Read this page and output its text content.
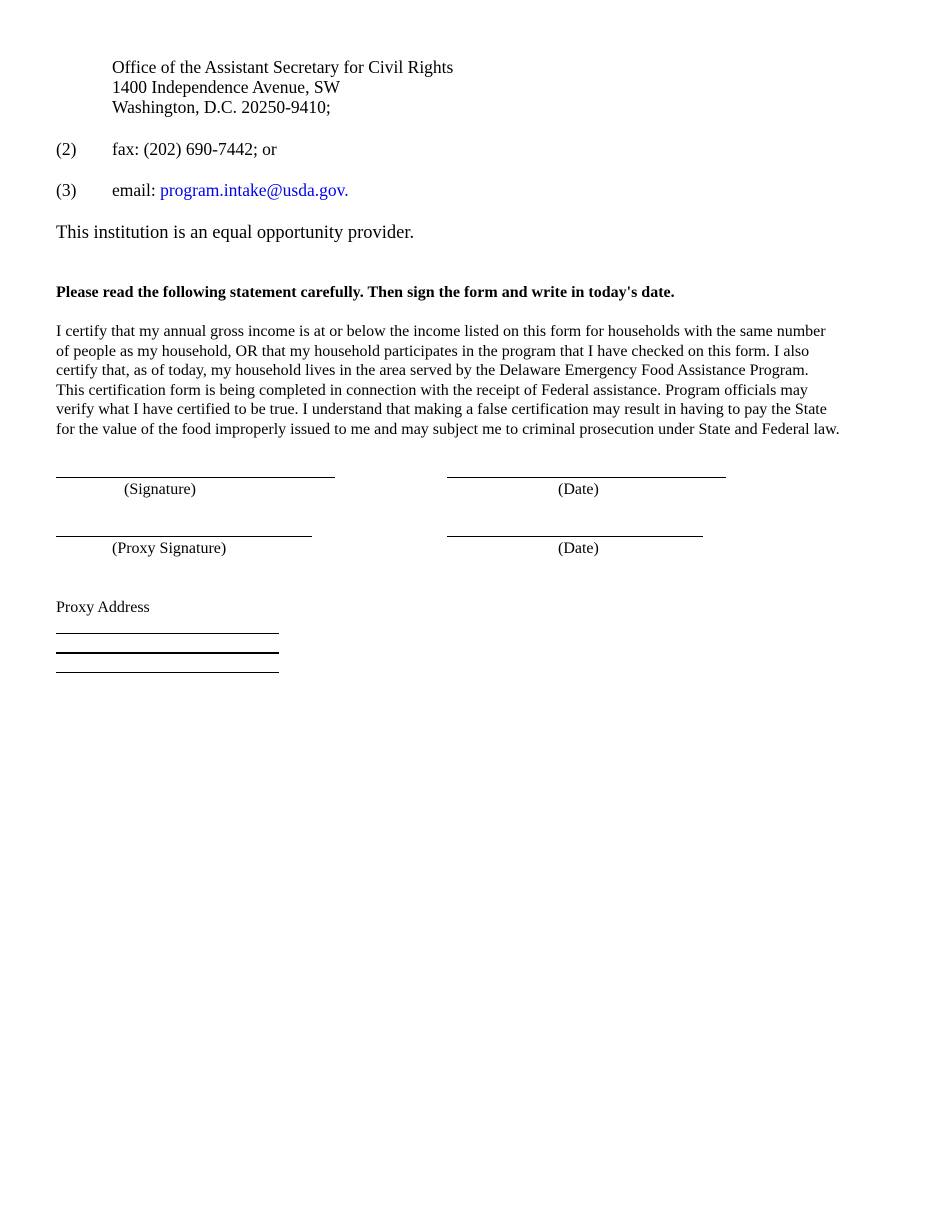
Office of the Assistant Secretary for Civil Rights
1400 Independence Avenue, SW
Washington, D.C. 20250-9410;
(2) fax: (202) 690-7442; or
(3) email: program.intake@usda.gov.
This institution is an equal opportunity provider.
Please read the following statement carefully. Then sign the form and write in today's date.
I certify that my annual gross income is at or below the income listed on this form for households with the same number
of people as my household, OR that my household participates in the program that I have checked on this form. I also
certify that, as of today, my household lives in the area served by the Delaware Emergency Food Assistance Program.
This certification form is being completed in connection with the receipt of Federal assistance. Program officials may
verify what I have certified to be true. I understand that making a false certification may result in having to pay the State
for the value of the food improperly issued to me and may subject me to criminal prosecution under State and Federal law.
(Signature)	(Date)
(Proxy Signature)	(Date)
Proxy Address
